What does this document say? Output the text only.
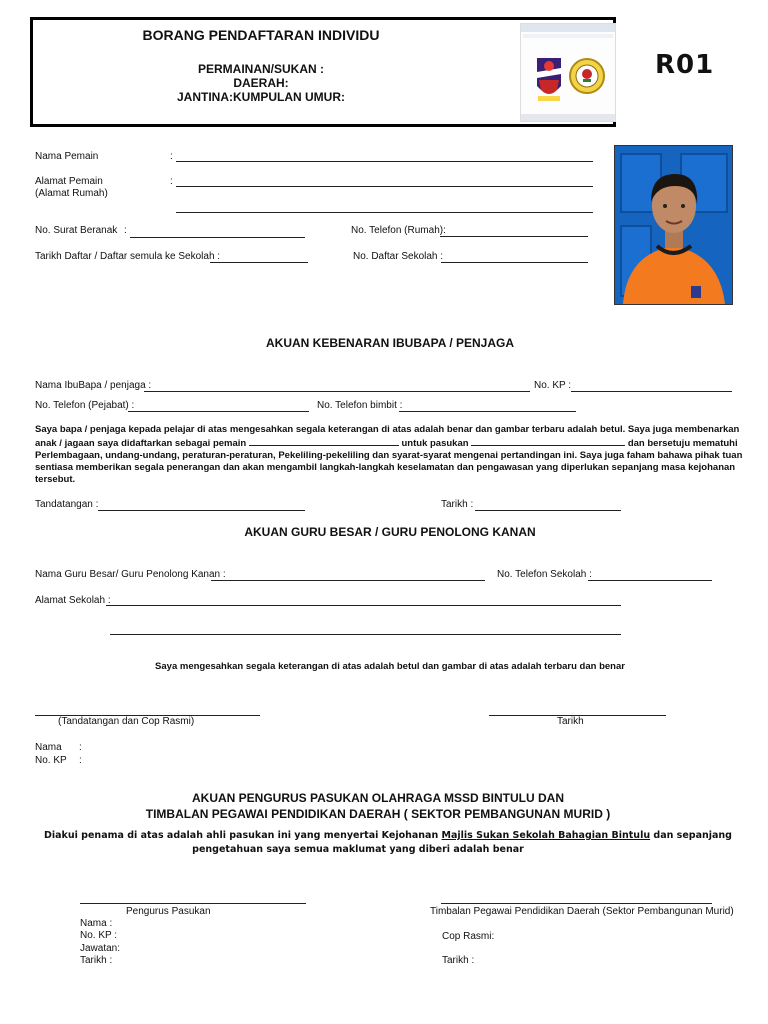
BORANG PENDAFTARAN INDIVIDU
PERMAINAN/SUKAN :
DAERAH:
JANTINA:KUMPULAN UMUR:
R01
Nama Pemain	:
Alamat Pemain
(Alamat Rumah)
:
No. Surat Beranak :	No. Telefon (Rumah):
Tarikh Daftar / Daftar semula ke Sekolah :	No. Daftar Sekolah :
AKUAN KEBENARAN IBUBAPA / PENJAGA
Nama IbuBapa / penjaga :	No. KP :
No. Telefon (Pejabat) :	No. Telefon bimbit :
Saya bapa / penjaga kepada pelajar di atas mengesahkan segala keterangan di atas adalah benar dan gambar terbaru adalah betul. Saya juga membenarkan
anak / jagaan saya didaftarkan sebagai pemain	untuk pasukan	dan bersetuju mematuhi
Perlembagaan, undang-undang, peraturan-peraturan, Pekeliling-pekeliling dan syarat-syarat mengenai pertandingan ini. Saya juga faham bahawa pihak tuan
sentiasa memberikan segala penerangan dan akan mengambil langkah-langkah keselamatan dan pengawasan yang diperlukan sepanjang masa kejohanan
tersebut.
Tandatangan :	Tarikh :
AKUAN GURU BESAR / GURU PENOLONG KANAN
Nama Guru Besar/ Guru Penolong Kanan :	No. Telefon Sekolah :
Alamat Sekolah :
Saya mengesahkan segala keterangan di atas adalah betul dan gambar di atas adalah terbaru dan benar
(Tandatangan dan Cop Rasmi)	Tarikh
Nama :
No. KP :
AKUAN PENGURUS PASUKAN OLAHRAGA MSSD BINTULU DAN
TIMBALAN PEGAWAI PENDIDIKAN DAERAH ( SEKTOR PEMBANGUNAN MURID )
Diakui penama di atas adalah ahli pasukan ini yang menyertai Kejohanan Majlis Sukan Sekolah Bahagian Bintulu dan sepanjang
pengetahuan saya semua maklumat yang diberi adalah benar
Pengurus Pasukan	Timbalan Pegawai Pendidikan Daerah (Sektor Pembangunan Murid)
Nama :
No. KP :
Jawatan:
Tarikh :
Cop Rasmi:
Tarikh :
